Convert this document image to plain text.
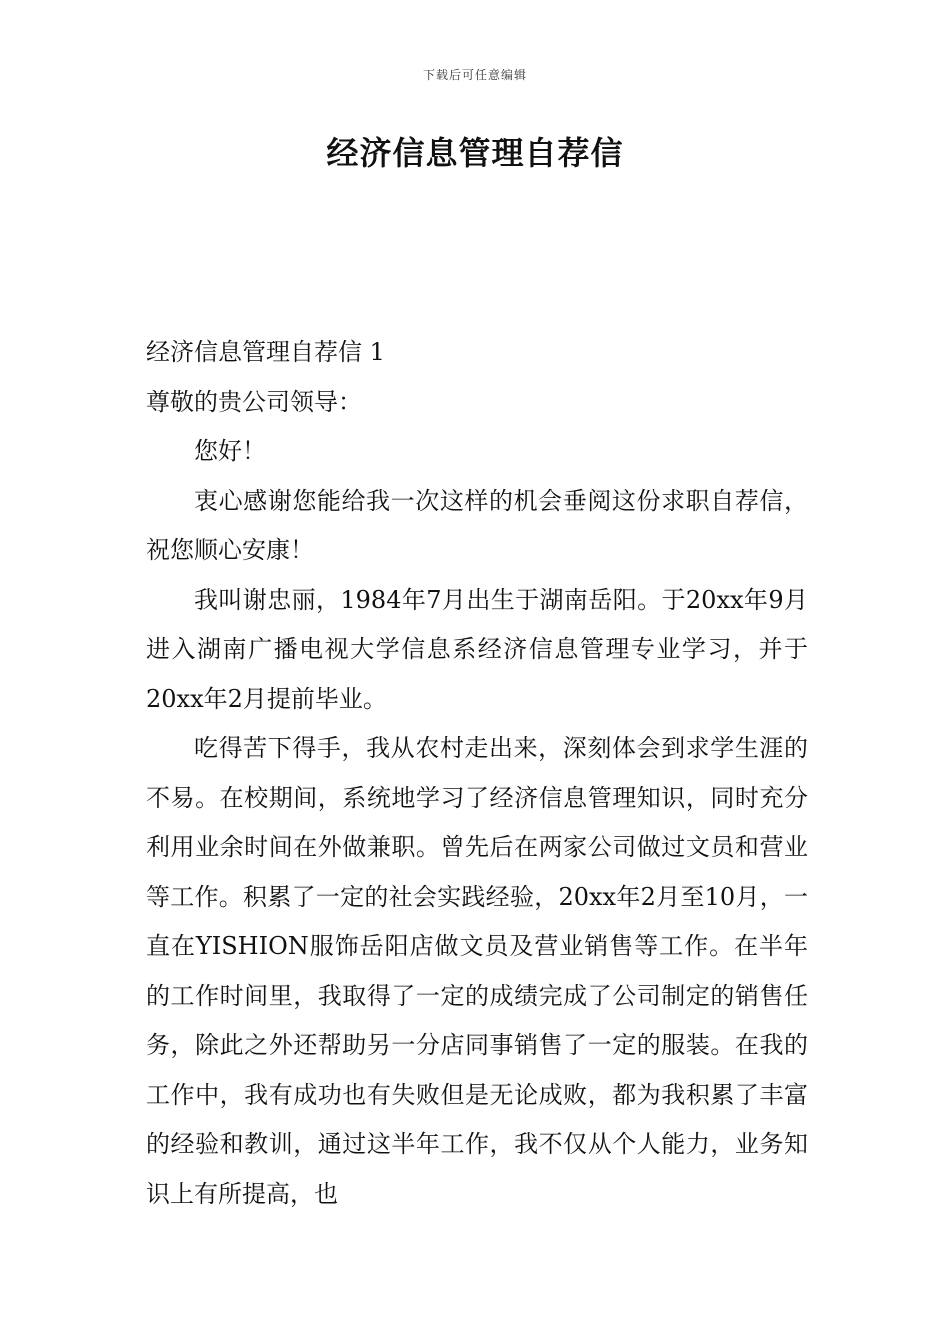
下载后可任意编辑
经济信息管理自荐信

经济信息管理自荐信 1

尊敬的贵公司领导：

您好！

衷心感谢您能给我一次这样的机会垂阅这份求职自荐信，祝您顺心安康！

我叫谢忠丽，1984年7月出生于湖南岳阳。于20xx年9月进入湖南广播电视大学信息系经济信息管理专业学习，并于20xx年2月提前毕业。

吃得苦下得手，我从农村走出来，深刻体会到求学生涯的不易。在校期间，系统地学习了经济信息管理知识，同时充分利用业余时间在外做兼职。曾先后在两家公司做过文员和营业等工作。积累了一定的社会实践经验，20xx年2月至10月，一直在YISHION服饰岳阳店做文员及营业销售等工作。在半年的工作时间里，我取得了一定的成绩完成了公司制定的销售任务，除此之外还帮助另一分店同事销售了一定的服装。在我的工作中，我有成功也有失败但是无论成败，都为我积累了丰富的经验和教训，通过这半年工作，我不仅从个人能力，业务知识上有所提高，也
